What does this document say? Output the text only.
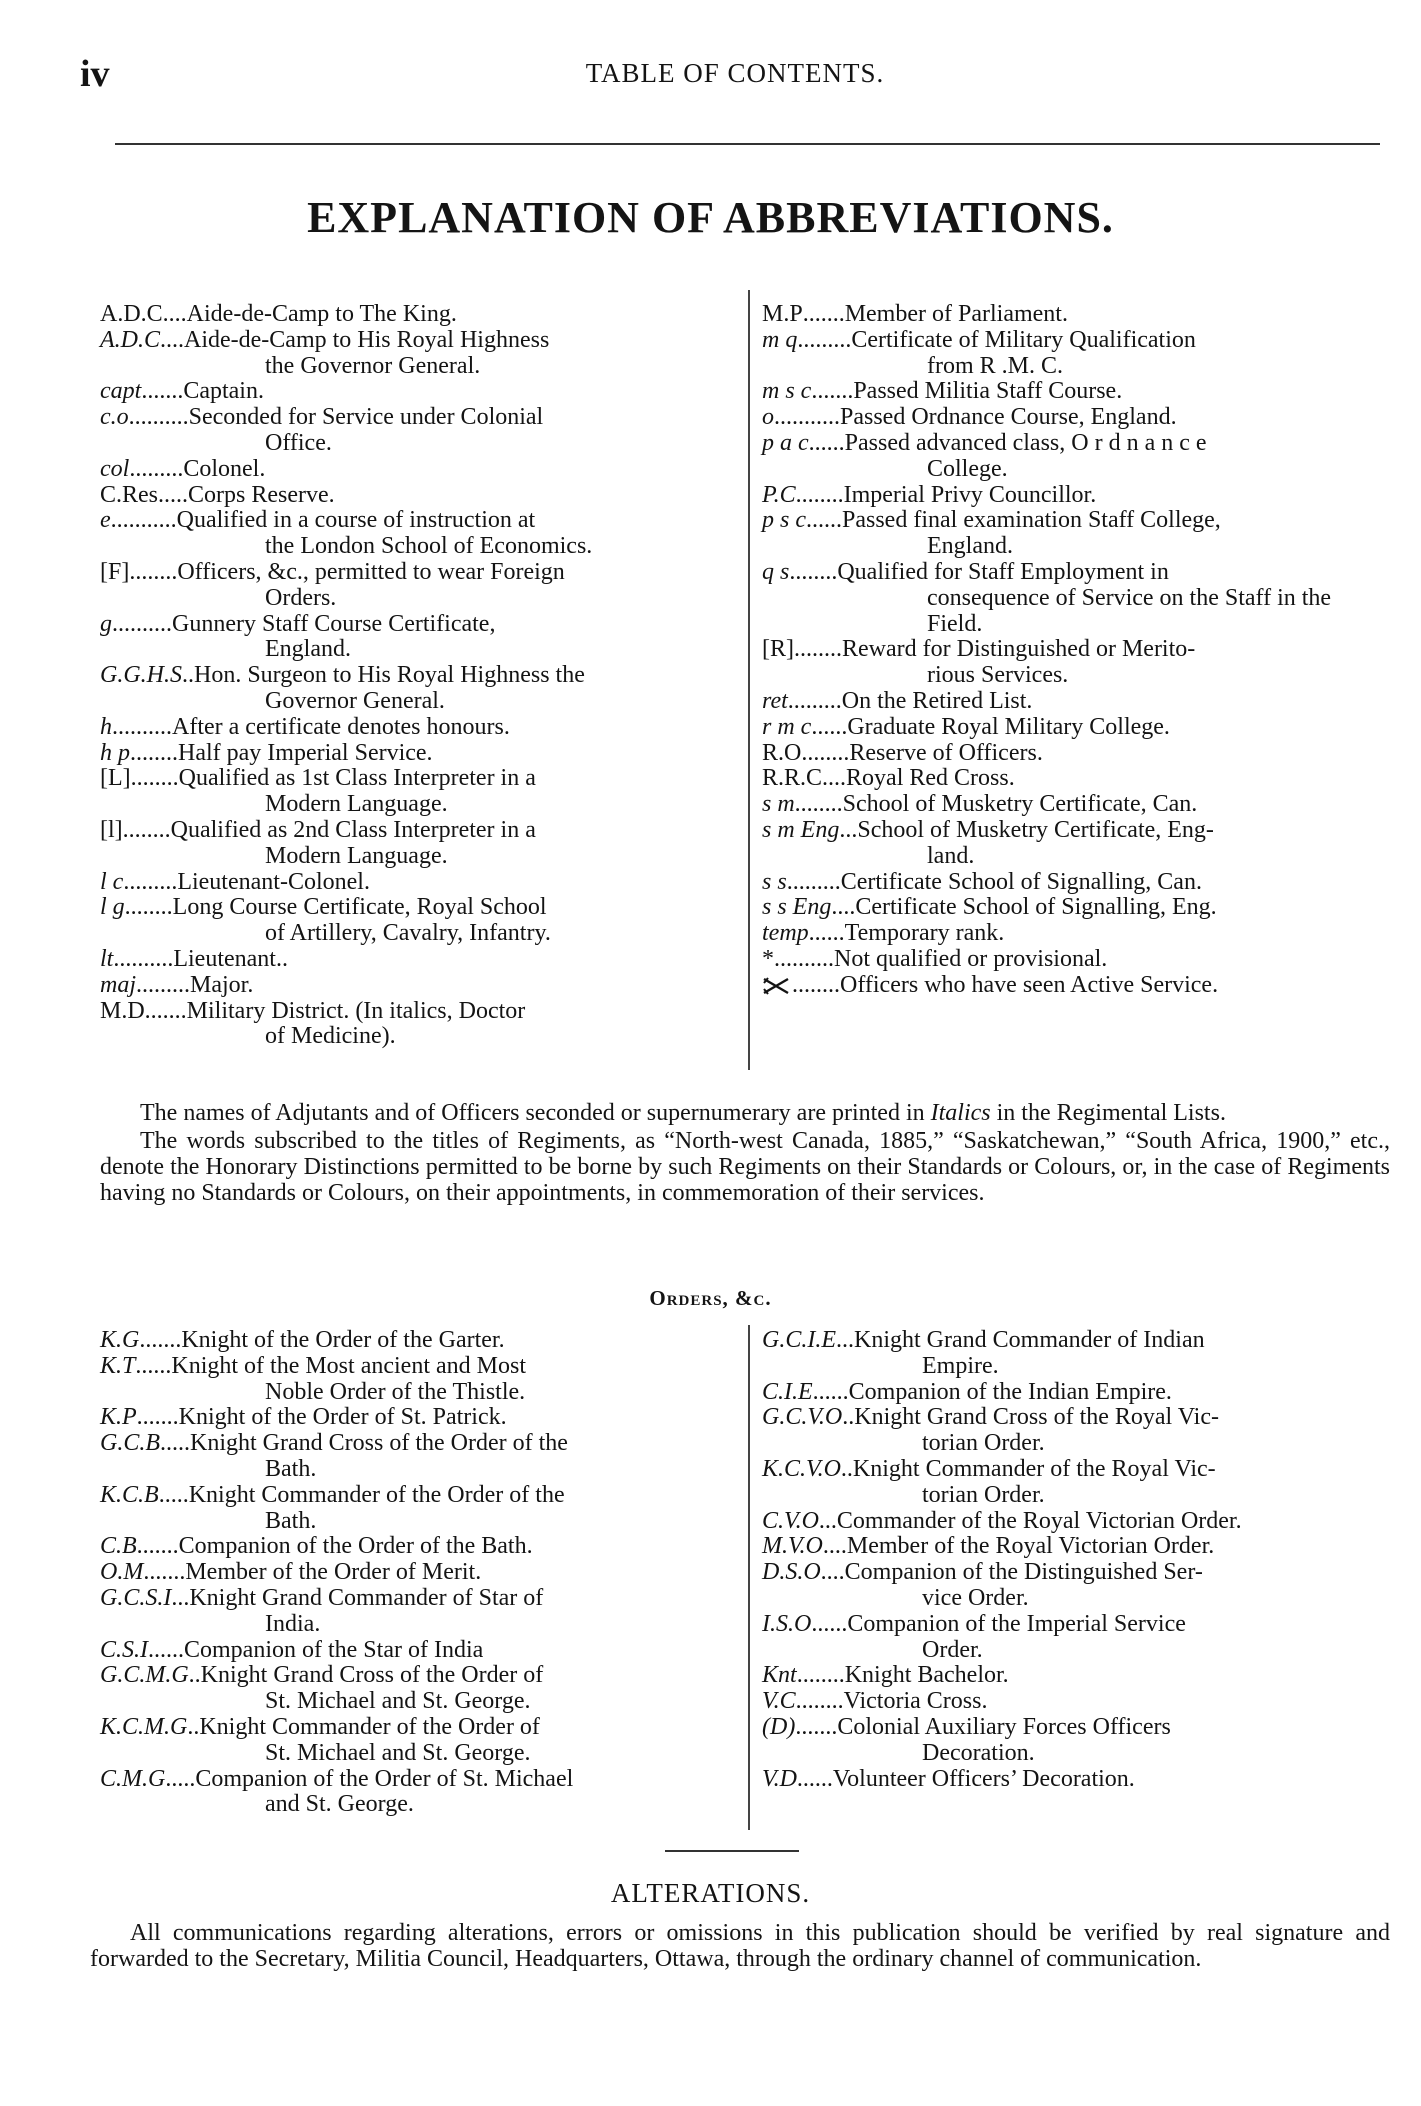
iv	TABLE OF CONTENTS.
EXPLANATION OF ABBREVIATIONS.
A.D.C .... Aide-de-Camp to The King.
A.D.C .... Aide-de-Camp to His Royal Highness
the Governor General.
capt ....... Captain.
c.o .......... Seconded for Service under Colonial
Office.
col ......... Colonel.
C.Res ..... Corps Reserve.
e ........... Qualified in a course of instruction at
the London School of Economics.
[F] ........ Officers, &c., permitted to wear Foreign
Orders.
g .......... Gunnery Staff Course Certificate,
England.
G.G.H.S .. Hon. Surgeon to His Royal Highness the
Governor General.
h .......... After a certificate denotes honours.
h p ........ Half pay Imperial Service.
[L] ........ Qualified as 1st Class Interpreter in a
Modern Language.
[l] ........ Qualified as 2nd Class Interpreter in a
Modern Language.
l c ......... Lieutenant-Colonel.
l g ........ Long Course Certificate, Royal School
of Artillery, Cavalry, Infantry.
lt .......... Lieutenant..
maj ......... Major.
M.D ....... Military District. (In italics, Doctor
of Medicine).
M.P ....... Member of Parliament.
m q ......... Certificate of Military Qualification
from R .M. C.
m s c ....... Passed Militia Staff Course.
o ........... Passed Ordnance Course, England.
p a c ...... Passed advanced class, O r d n a n c e
College.
P.C ........ Imperial Privy Councillor.
p s c ...... Passed final examination Staff College,
England.
q s ........ Qualified for Staff Employment in
consequence of Service on the Staff in the Field.
[R] ........ Reward for Distinguished or Merito-
rious Services.
ret ......... On the Retired List.
r m c ...... Graduate Royal Military College.
R.O ........ Reserve of Officers.
R.R.C .... Royal Red Cross.
s m ........ School of Musketry Certificate, Can.
s m Eng ... School of Musketry Certificate, Eng-
land.
s s ......... Certificate School of Signalling, Can.
s s Eng .... Certificate School of Signalling, Eng.
temp ...... Temporary rank.
* .......... Not qualified or provisional.
........ Officers who have seen Active Service.

The names of Adjutants and of Officers seconded or supernumerary are printed in Italics in the Regimental Lists.

The words subscribed to the titles of Regiments, as “North-west Canada, 1885,” “Saskatchewan,” “South Africa, 1900,” etc., denote the Honorary Distinctions permitted to be borne by such Regiments on their Standards or Colours, or, in the case of Regiments having no Standards or Colours, on their appointments, in commemoration of their services.

Orders, &c.
K.G ....... Knight of the Order of the Garter.
K.T ...... Knight of the Most ancient and Most
Noble Order of the Thistle.
K.P ....... Knight of the Order of St. Patrick.
G.C.B ..... Knight Grand Cross of the Order of the
Bath.
K.C.B ..... Knight Commander of the Order of the
Bath.
C.B ....... Companion of the Order of the Bath.
O.M ....... Member of the Order of Merit.
G.C.S.I ... Knight Grand Commander of Star of
India.
C.S.I ...... Companion of the Star of India
G.C.M.G .. Knight Grand Cross of the Order of
St. Michael and St. George.
K.C.M.G .. Knight Commander of the Order of
St. Michael and St. George.
C.M.G ..... Companion of the Order of St. Michael
and St. George.
G.C.I.E ... Knight Grand Commander of Indian
Empire.
C.I.E ...... Companion of the Indian Empire.
G.C.V.O .. Knight Grand Cross of the Royal Vic-
torian Order.
K.C.V.O .. Knight Commander of the Royal Vic-
torian Order.
C.V.O ... Commander of the Royal Victorian Order.
M.V.O .... Member of the Royal Victorian Order.
D.S.O .... Companion of the Distinguished Ser-
vice Order.
I.S.O ...... Companion of the Imperial Service
Order.
Knt ........ Knight Bachelor.
V.C ........ Victoria Cross.
(D) ....... Colonial Auxiliary Forces Officers
Decoration.
V.D ...... Volunteer Officers’ Decoration.
ALTERATIONS.

All communications regarding alterations, errors or omissions in this publication should be verified by real signature and forwarded to the Secretary, Militia Council, Headquarters, Ottawa, through the ordinary channel of communication.
